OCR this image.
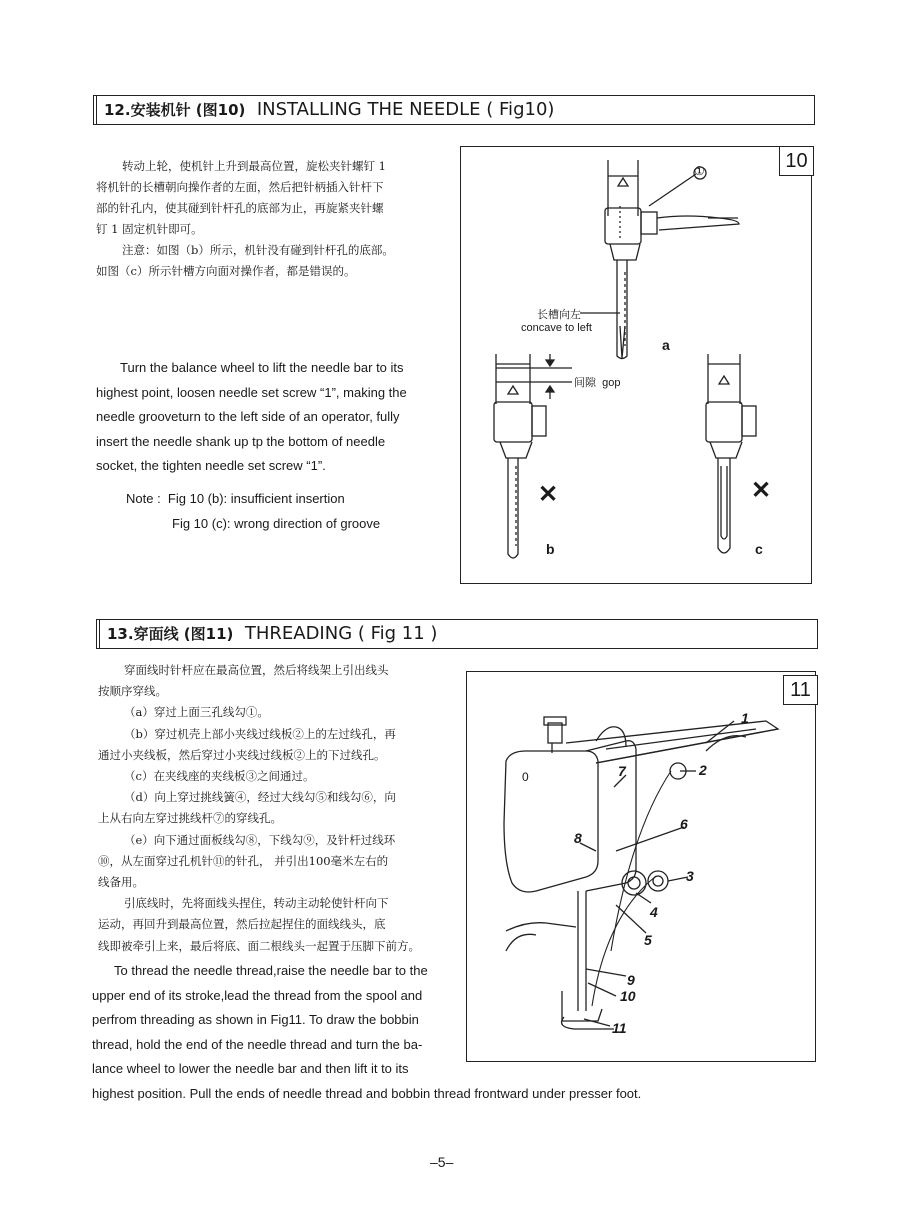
12.安装机针 (图10) INSTALLING THE NEEDLE ( Fig10)
转动上轮，使机针上升到最高位置，旋松夹针螺钉 1
将机针的长槽朝向操作者的左面，然后把针柄插入针杆下
部的针孔内，使其碰到针杆孔的底部为止，再旋紧夹针螺
钉 1 固定机针即可。
注意：如图（b）所示，机针没有碰到针杆孔的底部。
如图（c）所示针槽方向面对操作者，都是错误的。
Turn the balance wheel to lift the needle bar to its
highest point, loosen needle set screw “1”, making the
needle grooveturn to the left side of an operator, fully
insert the needle shank up tp the bottom of needle
socket, the tighten needle set screw “1”.
Note : Fig 10 (b): insufficient insertion
Fig 10 (c): wrong direction of groove
10
①
长槽向左
concave to left
间隙 gop
a
b	c
✕	✕
13.穿面线 (图11) THREADING ( Fig 11 )
穿面线时针杆应在最高位置，然后将线架上引出线头
按顺序穿线。
（a）穿过上面三孔线勾①。
（b）穿过机壳上部小夹线过线板②上的左过线孔，再
通过小夹线板，然后穿过小夹线过线板②上的下过线孔。
（c）在夹线座的夹线板③之间通过。
（d）向上穿过挑线簧④，经过大线勾⑤和线勾⑥，向
上从右向左穿过挑线杆⑦的穿线孔。
（e）向下通过面板线勾⑧，下线勾⑨，及针杆过线环
⑩，从左面穿过孔机针⑪的针孔， 并引出100毫米左右的
线备用。
引底线时，先将面线头捏住，转动主动轮使针杆向下
运动，再回升到最高位置，然后拉起捏住的面线线头，底
线即被牵引上来，最后将底、面二根线头一起置于压脚下前方。
To thread the needle thread,raise the needle bar to the
upper end of its stroke,lead the thread from the spool and
perfrom threading as shown in Fig11. To draw the bobbin
thread, hold the end of the needle thread and turn the ba-
lance wheel to lower the needle bar and then lift it to its
highest position. Pull the ends of needle thread and bobbin thread frontward under presser foot.
11
1
2
3
4
5
6
7
8
9
10
11
0
–5–
